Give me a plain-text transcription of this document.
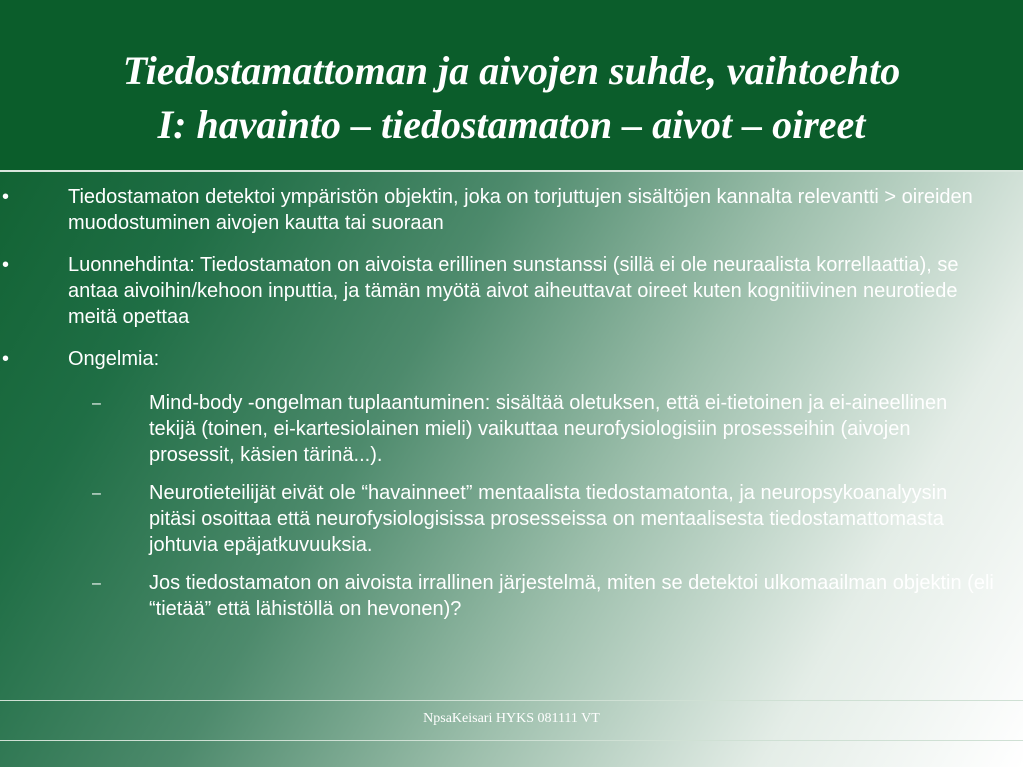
Tiedostamattoman ja aivojen suhde, vaihtoehto
I: havainto – tiedostamaton – aivot – oireet
•	Tiedostamaton detektoi ympäristön objektin, joka on torjuttujen sisältöjen kannalta relevantti > oireiden muodostuminen aivojen kautta tai suoraan
•	Luonnehdinta: Tiedostamaton on aivoista erillinen sunstanssi (sillä ei ole neuraalista korrellaattia), se antaa aivoihin/kehoon inputtia, ja tämän myötä aivot aiheuttavat oireet kuten kognitiivinen neurotiede meitä opettaa
•	Ongelmia:
– Mind-body -ongelman tuplaantuminen: sisältää oletuksen, että ei-tietoinen ja ei-aineellinen tekijä (toinen, ei-kartesiolainen mieli) vaikuttaa neurofysiologisiin prosesseihin (aivojen prosessit, käsien tärinä...).
– Neurotieteilijät eivät ole “havainneet” mentaalista tiedostamatonta, ja neuropsykoanalyysin pitäsi osoittaa että neurofysiologisissa prosesseissa on mentaalisesta tiedostamattomasta johtuvia epäjatkuvuuksia.
– Jos tiedostamaton on aivoista irrallinen järjestelmä, miten se detektoi ulkomaailman objektin (eli “tietää” että lähistöllä on hevonen)?
NpsaKeisari HYKS 081111 VT
